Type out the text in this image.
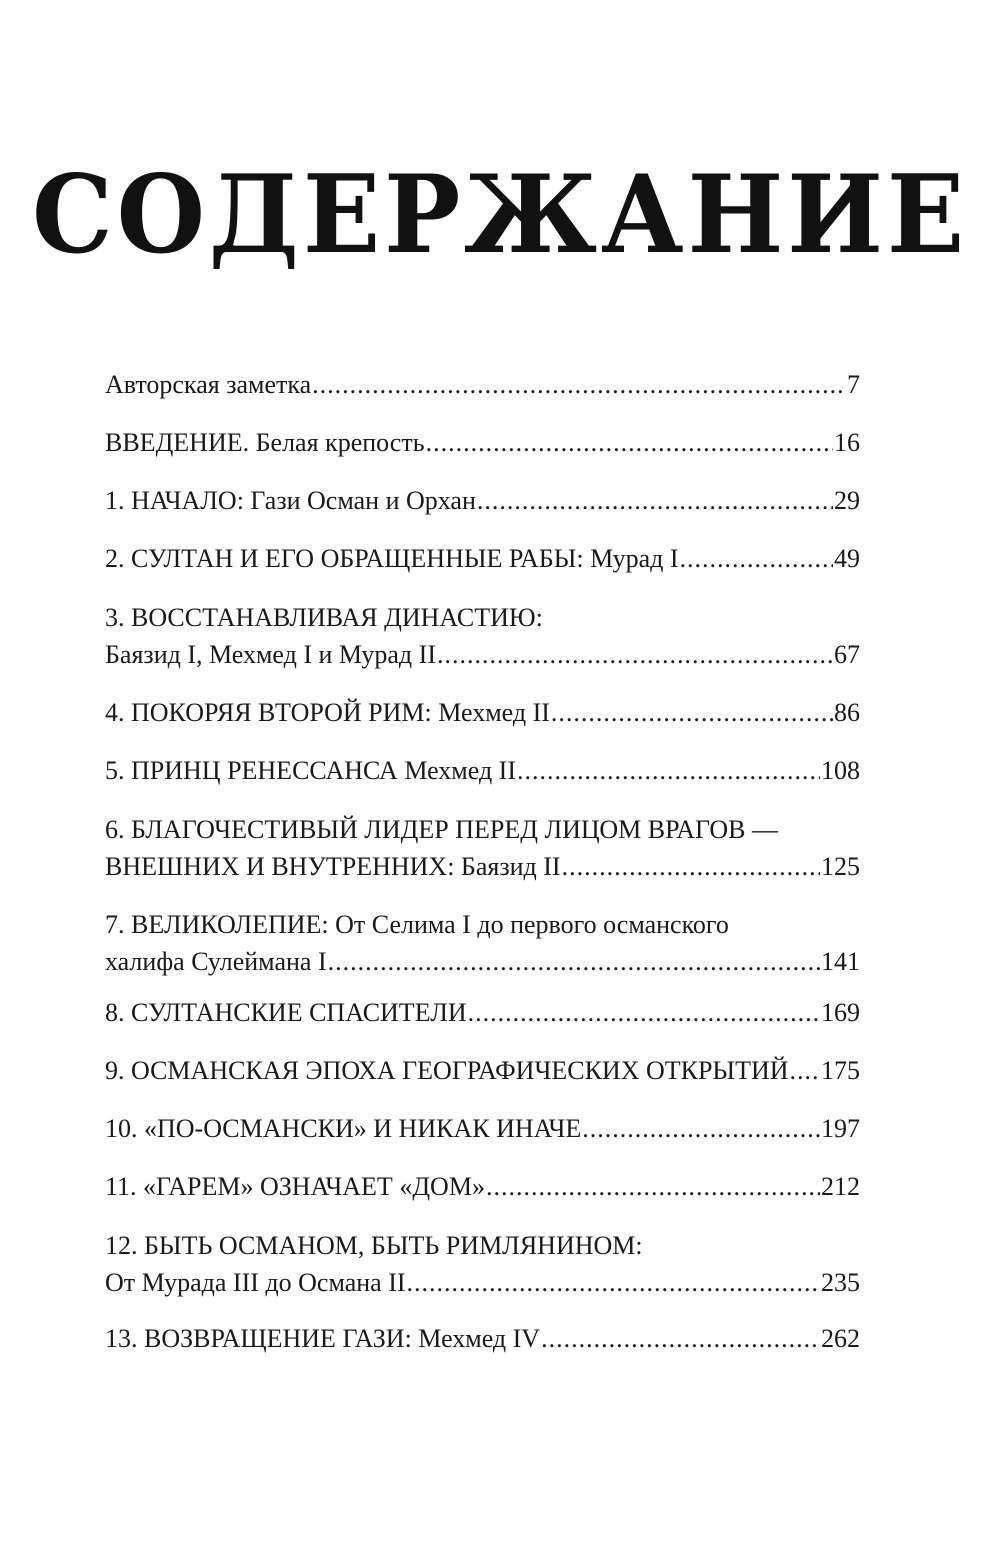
СОДЕРЖАНИЕ
Авторская заметка .....	7
ВВЕДЕНИЕ. Белая крепость .....	16
1. НАЧАЛО: Гази Осман и Орхан .....	29
2. СУЛТАН И ЕГО ОБРАЩЕННЫЕ РАБЫ: Мурад I .....	49
3. ВОССТАНАВЛИВАЯ ДИНАСТИЮ:
Баязид I, Мехмед I и Мурад II .....	67
4. ПОКОРЯЯ ВТОРОЙ РИМ: Мехмед II .....	86
5. ПРИНЦ РЕНЕССАНСА Мехмед II .....	108
6. БЛАГОЧЕСТИВЫЙ ЛИДЕР ПЕРЕД ЛИЦОМ ВРАГОВ —
ВНЕШНИХ И ВНУТРЕННИХ: Баязид II .....	125
7. ВЕЛИКОЛЕПИЕ: От Селима I до первого османского
халифа Сулеймана I .....	141
8. СУЛТАНСКИЕ СПАСИТЕЛИ .....	169
9. ОСМАНСКАЯ ЭПОХА ГЕОГРАФИЧЕСКИХ ОТКРЫТИЙ ..... 175
10. «ПО-ОСМАНСКИ» И НИКАК ИНАЧЕ .....	197
11. «ГАРЕМ» ОЗНАЧАЕТ «ДОМ» .....	212
12. БЫТЬ ОСМАНОМ, БЫТЬ РИМЛЯНИНОМ:
От Мурада III до Османа II .....	235
13. ВОЗВРАЩЕНИЕ ГАЗИ: Мехмед IV .....	262
